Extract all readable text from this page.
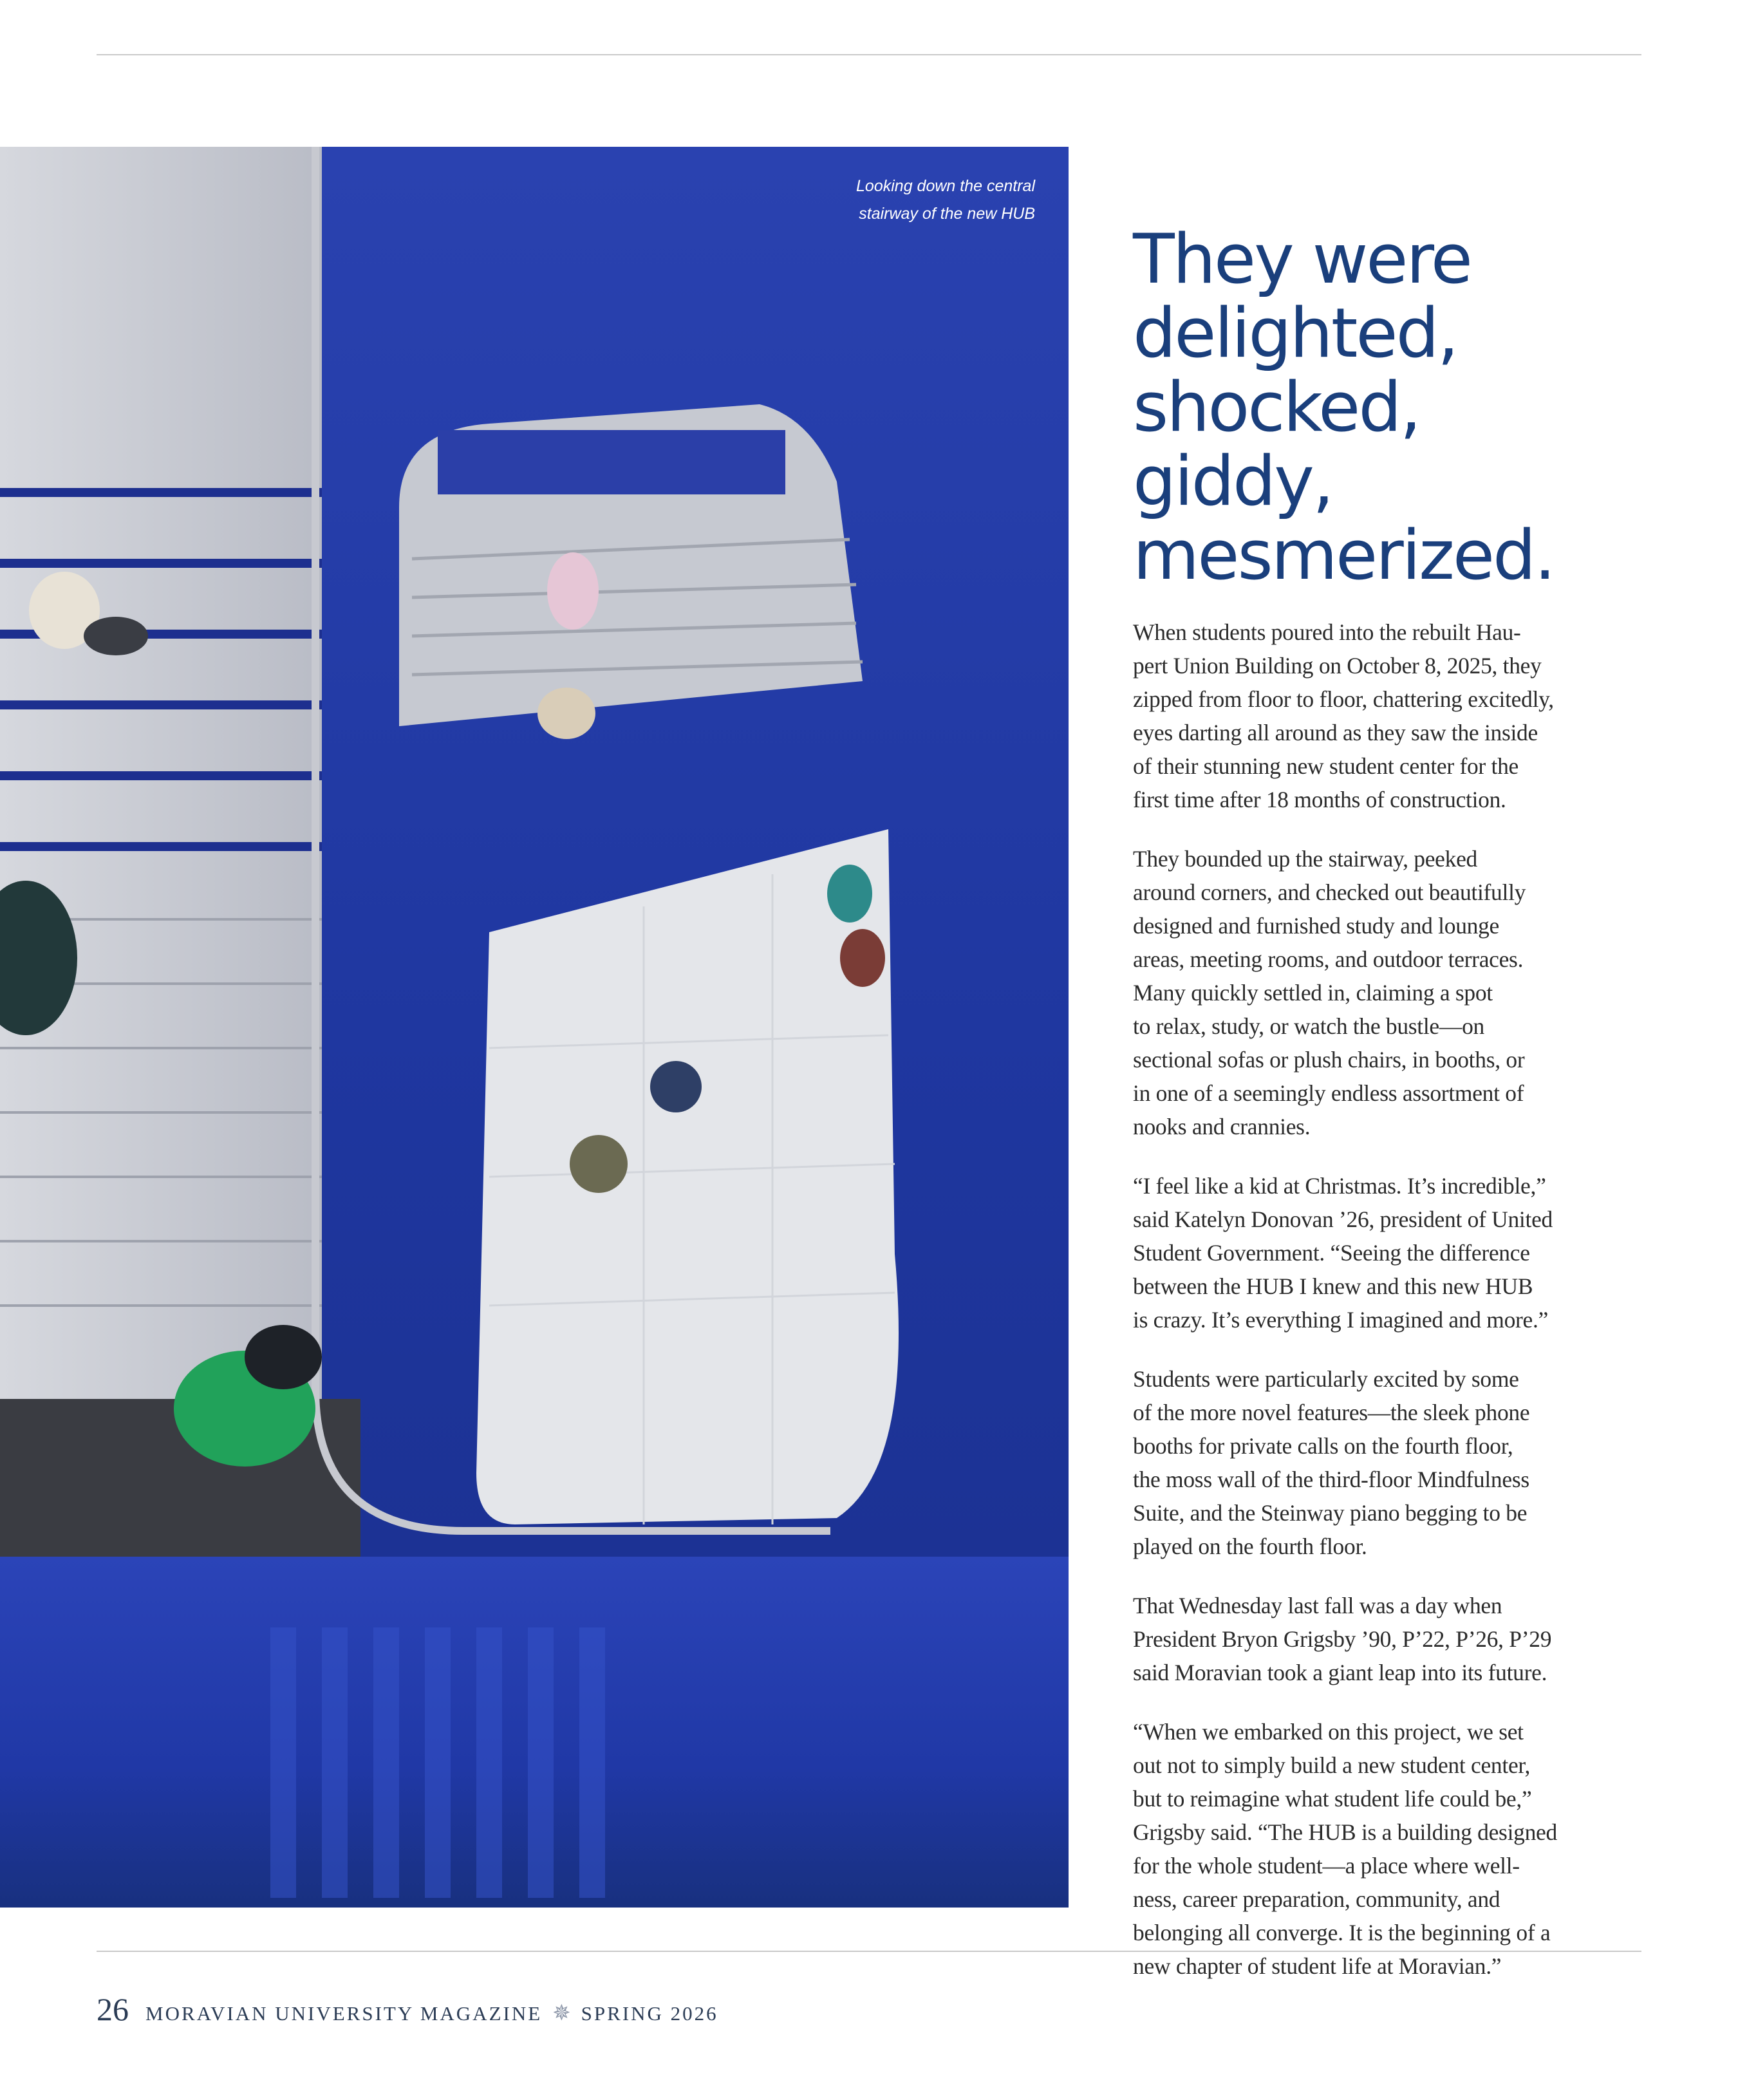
Looking down the central
stairway of the new HUB
They were
delighted,
shocked, giddy,
mesmerized.

When students poured into the rebuilt Hau-
pert Union Building on October 8, 2025, they
zipped from floor to floor, chattering excitedly,
eyes darting all around as they saw the inside
of their stunning new student center for the
first time after 18 months of construction.

They bounded up the stairway, peeked
around corners, and checked out beautifully
designed and furnished study and lounge
areas, meeting rooms, and outdoor terraces.
Many quickly settled in, claiming a spot
to relax, study, or watch the bustle—on
sectional sofas or plush chairs, in booths, or
in one of a seemingly endless assortment of
nooks and crannies.

“I feel like a kid at Christmas. It’s incredible,”
said Katelyn Donovan ’26, president of United
Student Government. “Seeing the difference
between the HUB I knew and this new HUB
is crazy. It’s everything I imagined and more.”

Students were particularly excited by some
of the more novel features—the sleek phone
booths for private calls on the fourth floor,
the moss wall of the third-floor Mindfulness
Suite, and the Steinway piano begging to be
played on the fourth floor.

That Wednesday last fall was a day when
President Bryon Grigsby ’90, P’22, P’26, P’29
said Moravian took a giant leap into its future.

“When we embarked on this project, we set
out not to simply build a new student center,
but to reimagine what student life could be,”
Grigsby said. “The HUB is a building designed
for the whole student—a place where well-
ness, career preparation, community, and
belonging all converge. It is the beginning of a
new chapter of student life at Moravian.”

26 MORAVIAN UNIVERSITY MAGAZINE ✵ SPRING 2026
